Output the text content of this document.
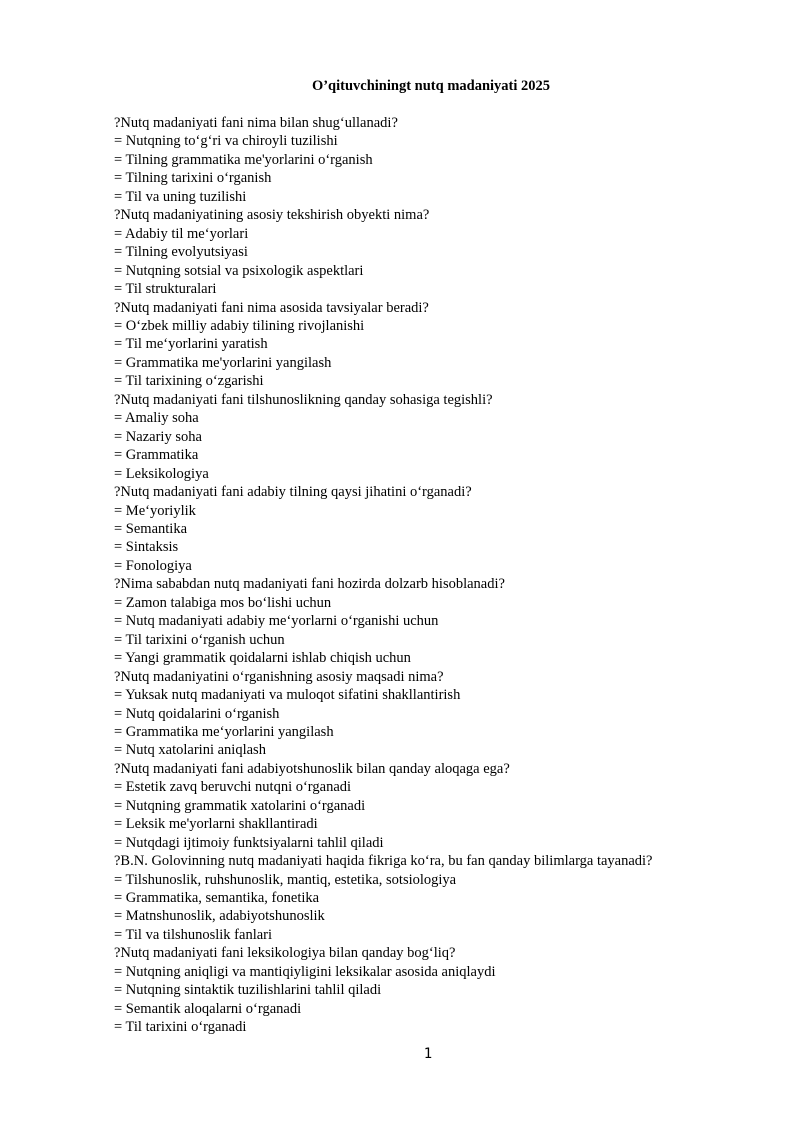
O’qituvchiningt nutq madaniyati 2025

?Nutq madaniyati fani nima bilan shug‘ullanadi?

= Nutqning to‘g‘ri va chiroyli tuzilishi

= Tilning grammatika me'yorlarini o‘rganish

= Tilning tarixini o‘rganish

= Til va uning tuzilishi

?Nutq madaniyatining asosiy tekshirish obyekti nima?

= Adabiy til me‘yorlari

= Tilning evolyutsiyasi

= Nutqning sotsial va psixologik aspektlari

= Til strukturalari

?Nutq madaniyati fani nima asosida tavsiyalar beradi?

= O‘zbek milliy adabiy tilining rivojlanishi

= Til me‘yorlarini yaratish

= Grammatika me'yorlarini yangilash

= Til tarixining o‘zgarishi

?Nutq madaniyati fani tilshunoslikning qanday sohasiga tegishli?

= Amaliy soha

= Nazariy soha

= Grammatika

= Leksikologiya

?Nutq madaniyati fani adabiy tilning qaysi jihatini o‘rganadi?

= Me‘yoriylik

= Semantika

= Sintaksis

= Fonologiya

?Nima sababdan nutq madaniyati fani hozirda dolzarb hisoblanadi?

= Zamon talabiga mos bo‘lishi uchun

= Nutq madaniyati adabiy me‘yorlarni o‘rganishi uchun

= Til tarixini o‘rganish uchun

= Yangi grammatik qoidalarni ishlab chiqish uchun

?Nutq madaniyatini o‘rganishning asosiy maqsadi nima?

= Yuksak nutq madaniyati va muloqot sifatini shakllantirish

= Nutq qoidalarini o‘rganish

= Grammatika me‘yorlarini yangilash

= Nutq xatolarini aniqlash

?Nutq madaniyati fani adabiyotshunoslik bilan qanday aloqaga ega?

= Estetik zavq beruvchi nutqni o‘rganadi

= Nutqning grammatik xatolarini o‘rganadi

= Leksik me'yorlarni shakllantiradi

= Nutqdagi ijtimoiy funktsiyalarni tahlil qiladi

?B.N. Golovinning nutq madaniyati haqida fikriga ko‘ra, bu fan qanday bilimlarga tayanadi?

= Tilshunoslik, ruhshunoslik, mantiq, estetika, sotsiologiya

= Grammatika, semantika, fonetika

= Matnshunoslik, adabiyotshunoslik

= Til va tilshunoslik fanlari

?Nutq madaniyati fani leksikologiya bilan qanday bog‘liq?

= Nutqning aniqligi va mantiqiyligini leksikalar asosida aniqlaydi

= Nutqning sintaktik tuzilishlarini tahlil qiladi

= Semantik aloqalarni o‘rganadi

= Til tarixini o‘rganadi

1
